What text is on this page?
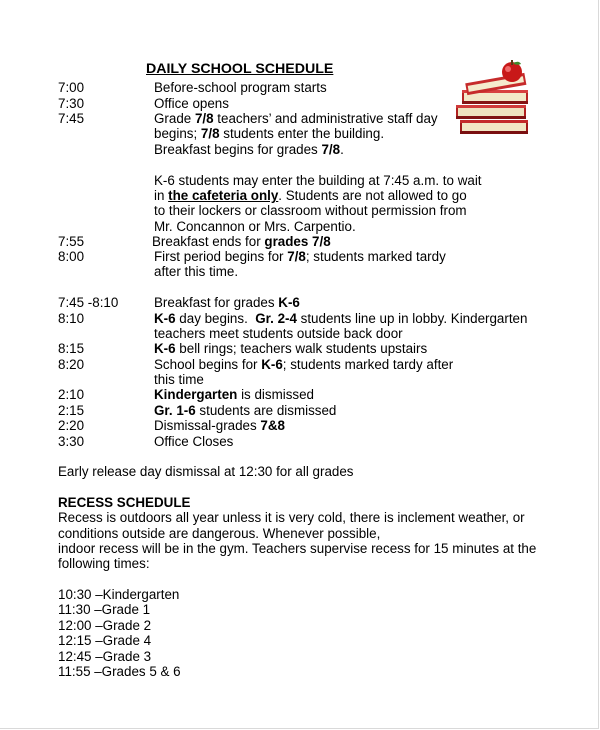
DAILY SCHOOL SCHEDULE
7:00	Before-school program starts
7:30	Office opens
7:45	Grade 7/8 teachers’ and administrative staff day
begins; 7/8 students enter the building.
Breakfast begins for grades 7/8.
K-6 students may enter the building at 7:45 a.m. to wait
in the cafeteria only. Students are not allowed to go
to their lockers or classroom without permission from
Mr. Concannon or Mrs. Carpentio.
7:55	Breakfast ends for grades 7/8
8:00	First period begins for 7/8; students marked tardy
after this time.
7:45 -8:10	Breakfast for grades K-6
8:10	K-6 day begins.  Gr. 2-4 students line up in lobby. Kindergarten
teachers meet students outside back door
8:15	K-6 bell rings; teachers walk students upstairs
8:20	School begins for K-6; students marked tardy after
this time
2:10	Kindergarten is dismissed
2:15	Gr. 1-6 students are dismissed
2:20	Dismissal-grades 7&8
3:30	Office Closes
Early release day dismissal at 12:30 for all grades
RECESS SCHEDULE
Recess is outdoors all year unless it is very cold, there is inclement weather, or
conditions outside are dangerous. Whenever possible,
indoor recess will be in the gym. Teachers supervise recess for 15 minutes at the
following times:
10:30 –Kindergarten
11:30 –Grade 1
12:00 –Grade 2
12:15 –Grade 4
12:45 –Grade 3
11:55 –Grades 5 & 6
